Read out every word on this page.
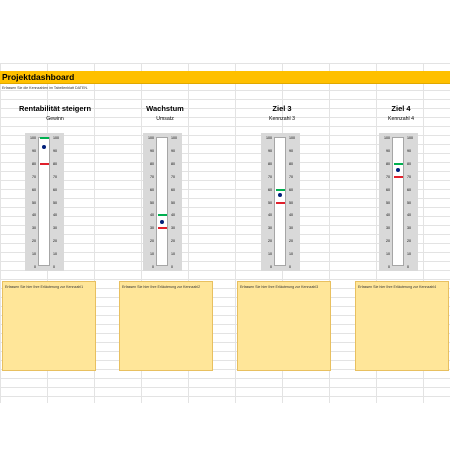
Projektdashboard
Erfassen Sie die Kennzahlen im Tabellenblatt DATEN.
Rentabilität steigern
Gewinn
100	100
90	90
80	80
70	70
60	60
50	50
40	40
30	30
20	20
10	10
0	0
Erfassen Sie hier Ihre Erläuterung zur Kennzahl1
Wachstum
Umsatz
100	100
90	90
80	80
70	70
60	60
50	50
40	40
30	30
20	20
10	10
0	0
Erfassen Sie hier Ihre Erläuterung zur Kennzahl2
Ziel 3
Kennzahl 3
100	100
90	90
80	80
70	70
60	60
50	50
40	40
30	30
20	20
10	10
0	0
Erfassen Sie hier Ihre Erläuterung zur Kennzahl3
Ziel 4
Kennzahl 4
100	100
90	90
80	80
70	70
60	60
50	50
40	40
30	30
20	20
10	10
0	0
Erfassen Sie hier Ihre Erläuterung zur Kennzahl4
